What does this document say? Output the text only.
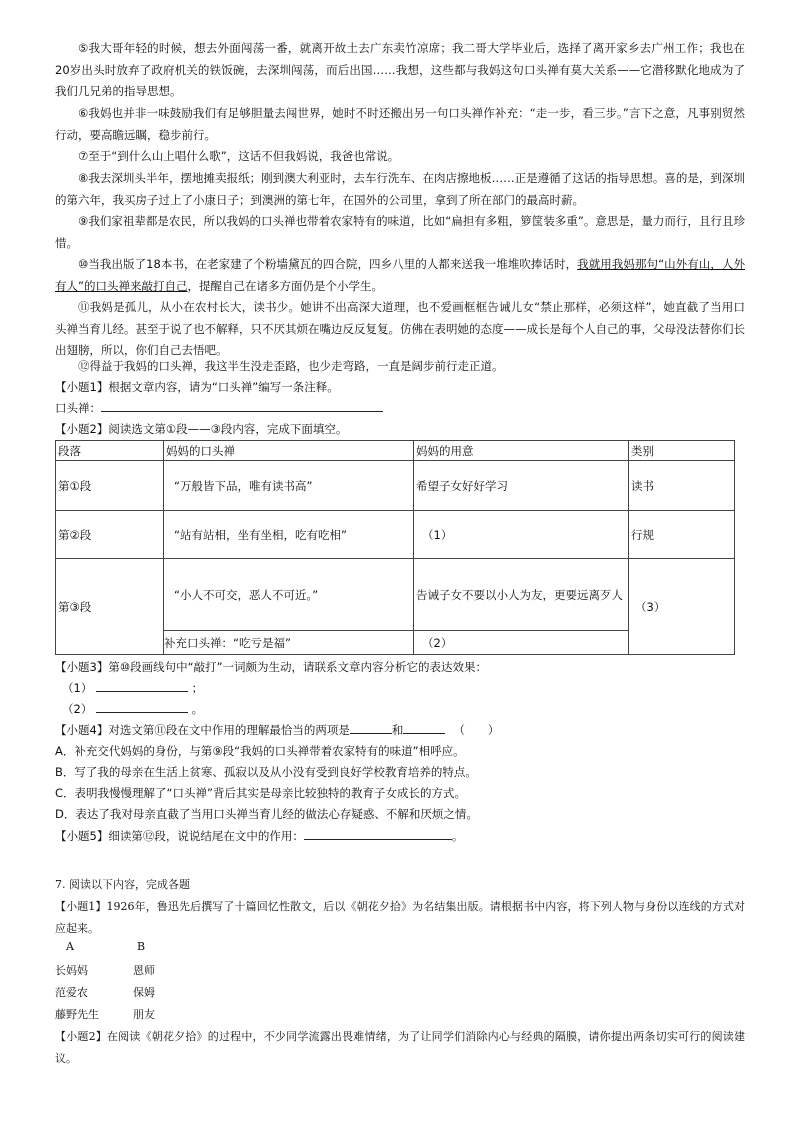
⑤我大哥年轻的时候，想去外面闯荡一番，就离开故土去广东卖竹凉席；我二哥大学毕业后，选择了离开家乡去广州工作；我也在20岁出头时放弃了政府机关的铁饭碗，去深圳闯荡，而后出国……我想，这些都与我妈这句口头禅有莫大关系——它潜移默化地成为了我们几兄弟的指导思想。
⑥我妈也并非一味鼓励我们有足够胆量去闯世界，她时不时还搬出另一句口头禅作补充：“走一步，看三步。”言下之意，凡事别贸然行动，要高瞻远瞩，稳步前行。
⑦至于“到什么山上唱什么歌”，这话不但我妈说，我爸也常说。
⑧我去深圳头半年，摆地摊卖报纸；刚到澳大利亚时，去车行洗车、在肉店擦地板……正是遵循了这话的指导思想。喜的是，到深圳的第六年，我买房子过上了小康日子；到澳洲的第七年，在国外的公司里，拿到了所在部门的最高时薪。
⑨我们家祖辈都是农民，所以我妈的口头禅也带着农家特有的味道，比如“扁担有多粗，箩筐装多重”。意思是，量力而行，且行且珍惜。
⑩当我出版了18本书，在老家建了个粉墙黛瓦的四合院，四乡八里的人都来送我一堆堆吹捧话时，我就用我妈那句“山外有山，人外有人”的口头禅来敲打自己，提醒自己在诸多方面仍是个小学生。
⑪我妈是孤儿，从小在农村长大，读书少。她讲不出高深大道理，也不爱画框框告诫儿女“禁止那样，必须这样”，她直截了当用口头禅当育儿经。甚至于说了也不解释，只不厌其烦在嘴边反反复复。仿佛在表明她的态度——成长是每个人自己的事，父母没法替你们长出翅膀，所以，你们自己去悟吧。
⑫得益于我妈的口头禅，我这半生没走歪路，也少走弯路，一直是阔步前行走正道。
【小题1】根据文章内容，请为“口头禅”编写一条注释。
口头禅：
【小题2】阅读选文第①段——③段内容，完成下面填空。
段落	妈妈的口头禅	妈妈的用意	类别
第①段	“万般皆下品，唯有读书高”	希望子女好好学习	读书
第②段	“站有站相，坐有坐相，吃有吃相”	（1）	行规
第③段	“小人不可交，恶人不可近。”	告诫子女不要以小人为友，更要远离歹人	（3）
	补充口头禅：“吃亏是福”	（2）	
【小题3】第⑩段画线句中“敲打”一词颇为生动，请联系文章内容分析它的表达效果：
（1）	；
（2）	。
【小题4】对选文第⑪段在文中作用的理解最恰当的两项是	和	（　　）
A．补充交代妈妈的身份，与第⑨段“我妈的口头禅带着农家特有的味道”相呼应。
B．写了我的母亲在生活上贫寒、孤寂以及从小没有受到良好学校教育培养的特点。
C．表明我慢慢理解了“口头禅”背后其实是母亲比较独特的教育子女成长的方式。
D．表达了我对母亲直截了当用口头禅当育儿经的做法心存疑惑、不解和厌烦之情。
【小题5】细读第⑫段，说说结尾在文中的作用：	。
7. 阅读以下内容，完成各题
【小题1】1926年，鲁迅先后撰写了十篇回忆性散文，后以《朝花夕拾》为名结集出版。请根据书中内容，将下列人物与身份以连线的方式对应起来。
A	B
长妈妈	恩师
范爱农	保姆
藤野先生	朋友
【小题2】在阅读《朝花夕拾》的过程中，不少同学流露出畏难情绪，为了让同学们消除内心与经典的隔膜，请你提出两条切实可行的阅读建议。
